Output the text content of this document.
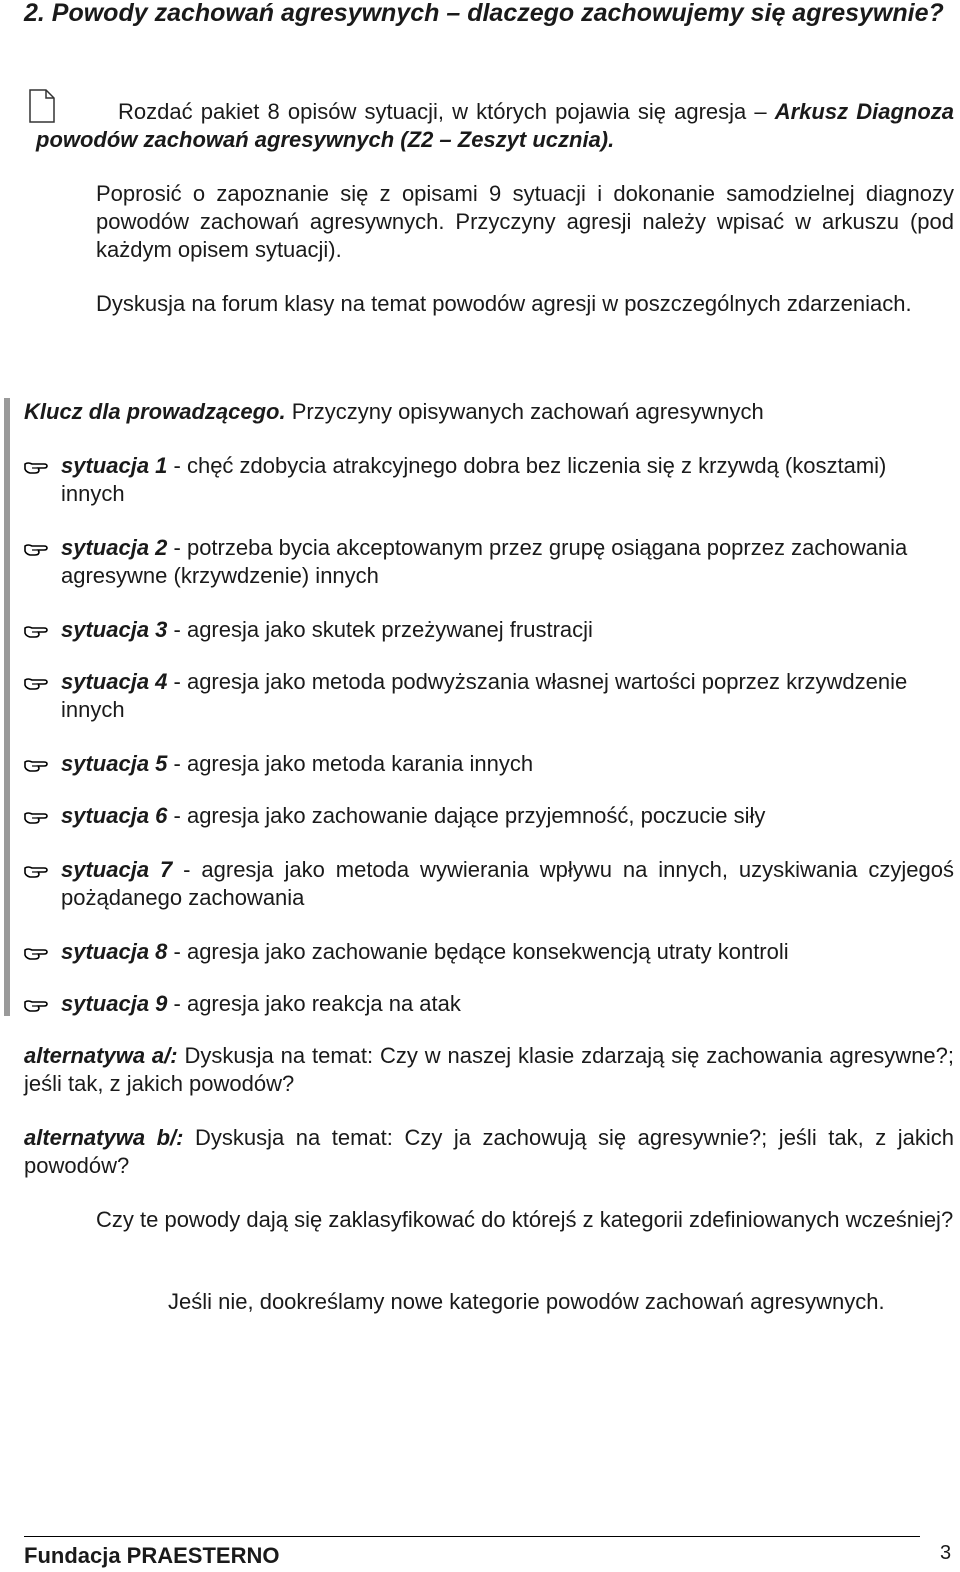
2. Powody zachowań agresywnych – dlaczego zachowujemy się agresywnie?
Rozdać pakiet 8 opisów sytuacji, w których pojawia się agresja – Arkusz Diagnoza powodów zachowań agresywnych (Z2 – Zeszyt ucznia).
Poprosić o zapoznanie się z opisami 9 sytuacji i dokonanie samodzielnej diagnozy powodów zachowań agresywnych. Przyczyny agresji należy wpisać w arkuszu (pod każdym opisem sytuacji).
Dyskusja na forum klasy na temat powodów agresji w poszczególnych zdarzeniach.
Klucz dla prowadzącego. Przyczyny opisywanych zachowań agresywnych
sytuacja 1 - chęć zdobycia atrakcyjnego dobra bez liczenia się z krzywdą (kosztami) innych
sytuacja 2 - potrzeba bycia akceptowanym przez grupę osiągana poprzez zachowania agresywne (krzywdzenie) innych
sytuacja 3 - agresja jako skutek przeżywanej frustracji
sytuacja 4 - agresja jako metoda podwyższania własnej wartości poprzez krzywdzenie innych
sytuacja 5 - agresja jako metoda karania innych
sytuacja 6 - agresja jako zachowanie dające przyjemność, poczucie siły
sytuacja 7 - agresja jako metoda wywierania wpływu na innych, uzyskiwania czyjegoś pożądanego zachowania
sytuacja 8 - agresja jako zachowanie będące konsekwencją utraty kontroli
sytuacja 9 - agresja jako reakcja na atak
alternatywa a/: Dyskusja na temat: Czy w naszej klasie zdarzają się zachowania agresywne?; jeśli tak, z jakich powodów?
alternatywa b/: Dyskusja na temat: Czy ja zachowują się agresywnie?; jeśli tak, z jakich powodów?
Czy te powody dają się zaklasyfikować do którejś z kategorii zdefiniowanych wcześniej?
Jeśli nie, dookreślamy nowe kategorie powodów zachowań agresywnych.
Fundacja PRAESTERNO	3
